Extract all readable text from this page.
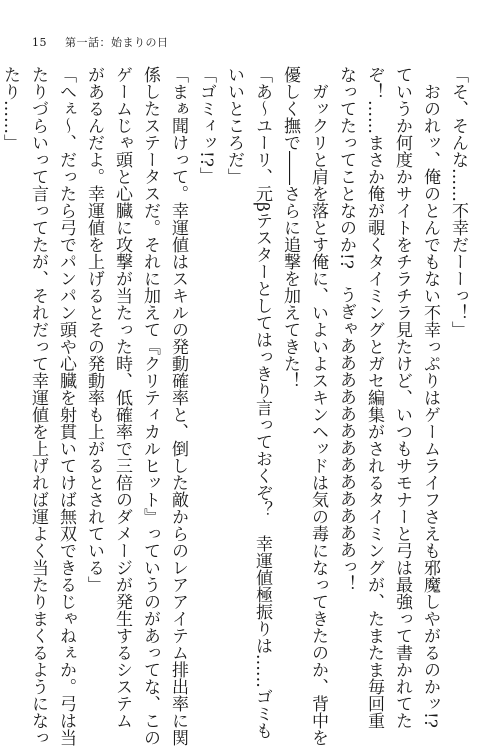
15 第一話：始まりの日
「そ、そんな……不幸だーーっ！」
　おのれッ、俺のとんでもない不幸っぷりはゲームライフさえも邪魔しやがるのかッ!?
ていうか何度かサイトをチラチラ見たけど、いつもサモナーと弓は最強って書かれてた
ぞ！……まさか俺が覗くタイミングとガセ編集がされるタイミングが、たまたま毎回重
なってたってことなのか!?　うぎゃあああああああああああああっ！
　ガックリと肩を落とす俺に、いよいよスキンヘッドは気の毒になってきたのか、背中を
優しく撫で――さらに追撃を加えてきた！
「あ～ユーリ、元βテスターとしてはっきり言っておくぞ？　幸運値極振りは……ゴミも
いいところだ」
「ゴミィッ!?」
「まぁ聞けって。幸運値はスキルの発動確率と、倒した敵からのレアアイテム排出率に関
係したステータスだ。それに加えて『クリティカルヒット』っていうのがあってな、この
ゲームじゃ頭と心臓に攻撃が当たった時、低確率で三倍のダメージが発生するシステム
があるんだよ。幸運値を上げるとその発動率も上がるとされている」
「へぇ～、だったら弓でパンパン頭や心臓を射貫いてけば無双できるじゃねぇか。弓は当
たりづらいって言ってたが、それだって幸運値を上げれば運よく当たりまくるようになっ
たり……」
